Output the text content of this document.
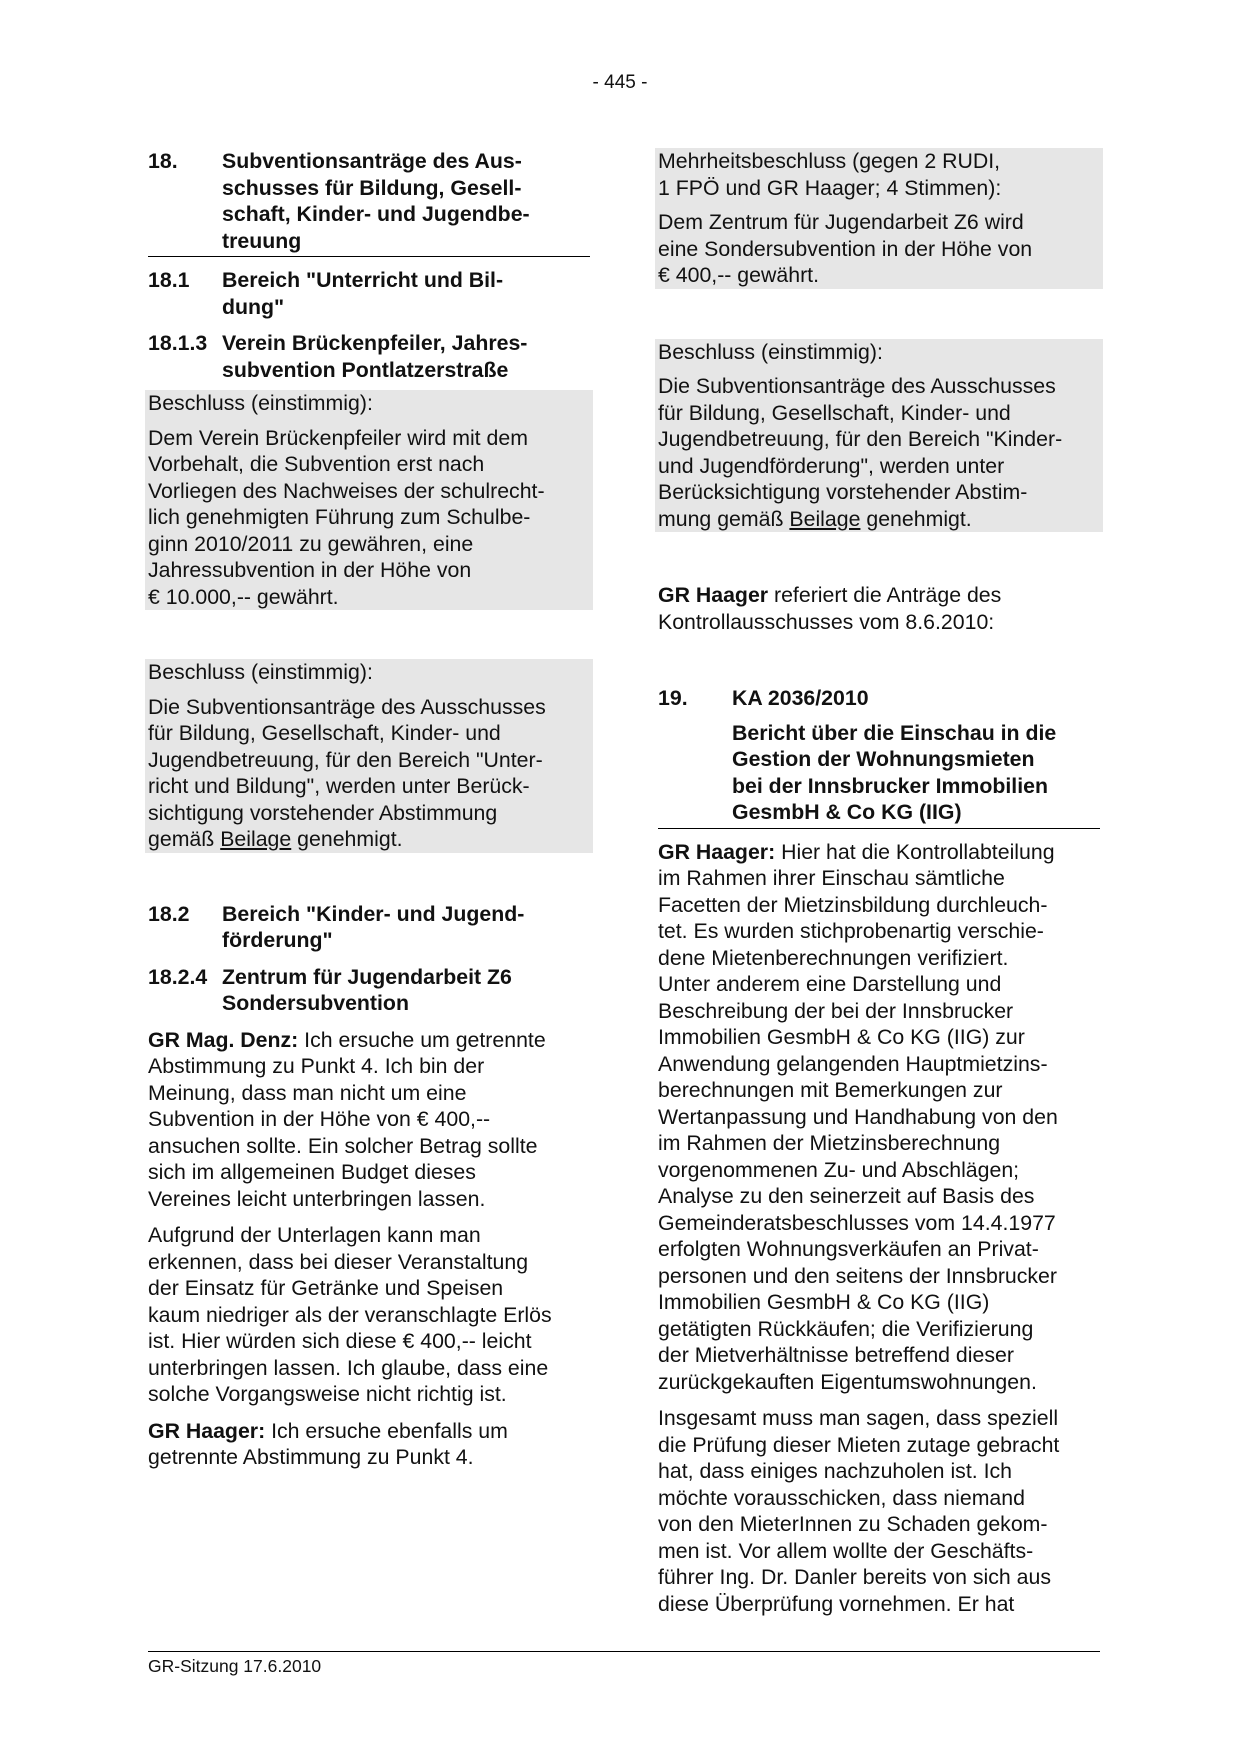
- 445 -
18.	Subventionsanträge des Aus-
schusses für Bildung, Gesell-
schaft, Kinder- und Jugendbe-
treuung
18.1	Bereich "Unterricht und Bil-
dung"
18.1.3 Verein Brückenpfeiler, Jahres-
subvention Pontlatzerstraße

Beschluss (einstimmig):

Dem Verein Brückenpfeiler wird mit dem
Vorbehalt, die Subvention erst nach
Vorliegen des Nachweises der schulrecht-
lich genehmigten Führung zum Schulbe-
ginn 2010/2011 zu gewähren, eine
Jahressubvention in der Höhe von
€ 10.000,-- gewährt.

Beschluss (einstimmig):

Die Subventionsanträge des Ausschusses
für Bildung, Gesellschaft, Kinder- und
Jugendbetreuung, für den Bereich "Unter-
richt und Bildung", werden unter Berück-
sichtigung vorstehender Abstimmung
gemäß Beilage genehmigt.

18.2	Bereich "Kinder- und Jugend-
förderung"
18.2.4 Zentrum für Jugendarbeit Z6
Sondersubvention

GR Mag. Denz: Ich ersuche um getrennte
Abstimmung zu Punkt 4. Ich bin der
Meinung, dass man nicht um eine
Subvention in der Höhe von € 400,--
ansuchen sollte. Ein solcher Betrag sollte
sich im allgemeinen Budget dieses
Vereines leicht unterbringen lassen.

Aufgrund der Unterlagen kann man
erkennen, dass bei dieser Veranstaltung
der Einsatz für Getränke und Speisen
kaum niedriger als der veranschlagte Erlös
ist. Hier würden sich diese € 400,-- leicht
unterbringen lassen. Ich glaube, dass eine
solche Vorgangsweise nicht richtig ist.

GR Haager: Ich ersuche ebenfalls um
getrennte Abstimmung zu Punkt 4.

Mehrheitsbeschluss (gegen 2 RUDI,
1 FPÖ und GR Haager; 4 Stimmen):

Dem Zentrum für Jugendarbeit Z6 wird
eine Sondersubvention in der Höhe von
€ 400,-- gewährt.

Beschluss (einstimmig):

Die Subventionsanträge des Ausschusses
für Bildung, Gesellschaft, Kinder- und
Jugendbetreuung, für den Bereich "Kinder-
und Jugendförderung", werden unter
Berücksichtigung vorstehender Abstim-
mung gemäß Beilage genehmigt.

GR Haager referiert die Anträge des
Kontrollausschusses vom 8.6.2010:

19.	KA 2036/2010
Bericht über die Einschau in die
Gestion der Wohnungsmieten
bei der Innsbrucker Immobilien
GesmbH & Co KG (IIG)

GR Haager: Hier hat die Kontrollabteilung
im Rahmen ihrer Einschau sämtliche
Facetten der Mietzinsbildung durchleuch-
tet. Es wurden stichprobenartig verschie-
dene Mietenberechnungen verifiziert.
Unter anderem eine Darstellung und
Beschreibung der bei der Innsbrucker
Immobilien GesmbH & Co KG (IIG) zur
Anwendung gelangenden Hauptmietzins-
berechnungen mit Bemerkungen zur
Wertanpassung und Handhabung von den
im Rahmen der Mietzinsberechnung
vorgenommenen Zu- und Abschlägen;
Analyse zu den seinerzeit auf Basis des
Gemeinderatsbeschlusses vom 14.4.1977
erfolgten Wohnungsverkäufen an Privat-
personen und den seitens der Innsbrucker
Immobilien GesmbH & Co KG (IIG)
getätigten Rückkäufen; die Verifizierung
der Mietverhältnisse betreffend dieser
zurückgekauften Eigentumswohnungen.

Insgesamt muss man sagen, dass speziell
die Prüfung dieser Mieten zutage gebracht
hat, dass einiges nachzuholen ist. Ich
möchte vorausschicken, dass niemand
von den MieterInnen zu Schaden gekom-
men ist. Vor allem wollte der Geschäfts-
führer Ing. Dr. Danler bereits von sich aus
diese Überprüfung vornehmen. Er hat

GR-Sitzung 17.6.2010
